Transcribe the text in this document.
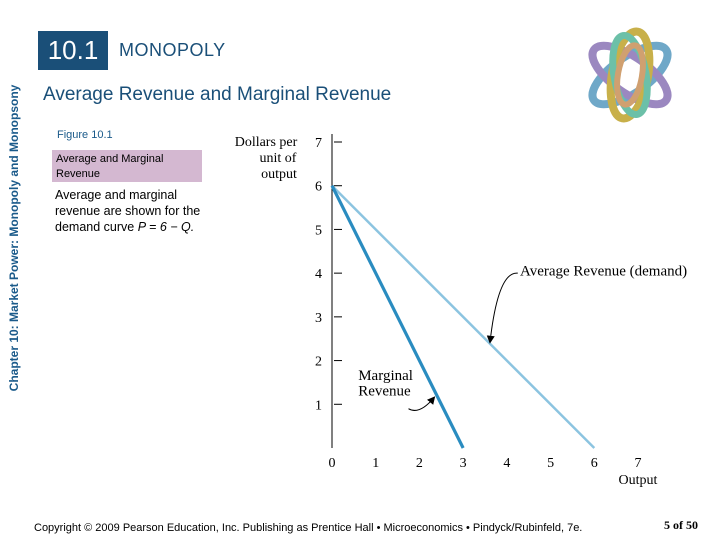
Chapter 10: Market Power: Monopoly and Monopsony
10.1 MONOPOLY
Average Revenue and Marginal Revenue
Figure 10.1
Average and Marginal Revenue
Average and marginal revenue are shown for the demand curve P = 6 − Q.
Dollars per
unit of
output
Output
1
2
3
4
5
6
7
0	1	2	3	4	5	6	7
Average Revenue (demand)
Marginal
Revenue
Copyright © 2009 Pearson Education, Inc. Publishing as Prentice Hall • Microeconomics • Pindyck/Rubinfeld, 7e.	5 of 50
